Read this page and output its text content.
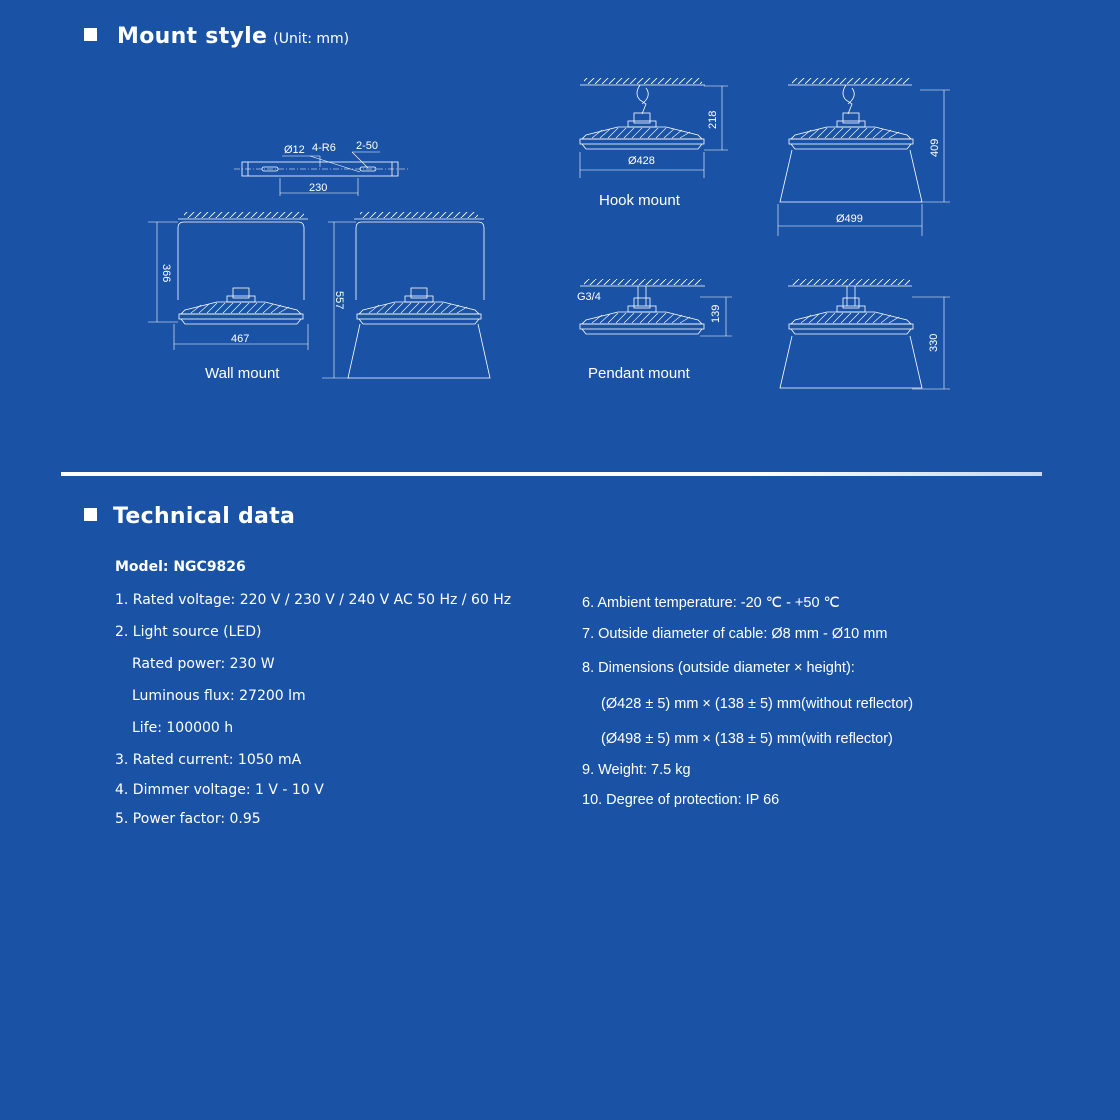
Mount style (Unit: mm)
Ø12 4-R6 2-50
230
366
467
Wall mount
557
Ø428
218
Hook mount
409
Ø499
G3/4
139
Pendant mount
330
Technical data
Model: NGC9826
1. Rated voltage: 220 V / 230 V / 240 V AC 50 Hz / 60 Hz
2. Light source (LED)
Rated power: 230 W
Luminous flux: 27200 lm
Life: 100000 h
3. Rated current: 1050 mA
4. Dimmer voltage: 1 V - 10 V
5. Power factor: 0.95
6. Ambient temperature: -20 ℃ - +50 ℃
7. Outside diameter of cable: Ø8 mm - Ø10 mm
8. Dimensions (outside diameter × height):
(Ø428 ± 5) mm × (138 ± 5) mm(without reflector)
(Ø498 ± 5) mm × (138 ± 5) mm(with reflector)
9. Weight: 7.5 kg
10. Degree of protection: IP 66
